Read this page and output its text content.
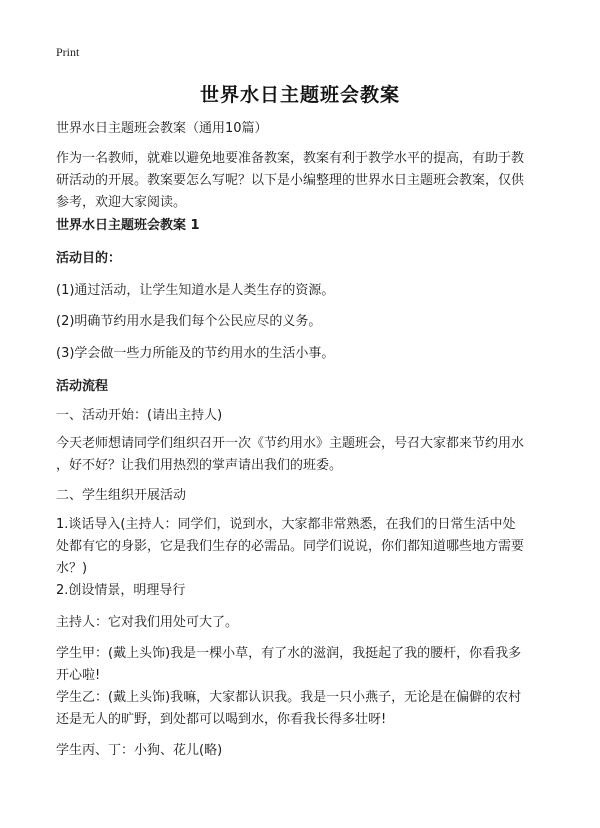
Print
世界水日主题班会教案
世界水日主题班会教案（通用10篇）
作为一名教师，就难以避免地要准备教案，教案有利于教学水平的提高，有助于教
研活动的开展。教案要怎么写呢？以下是小编整理的世界水日主题班会教案，仅供
参考，欢迎大家阅读。
世界水日主题班会教案 1
活动目的：
(1)通过活动，让学生知道水是人类生存的资源。
(2)明确节约用水是我们每个公民应尽的义务。
(3)学会做一些力所能及的节约用水的生活小事。
活动流程
一、活动开始：(请出主持人)
今天老师想请同学们组织召开一次《节约用水》主题班会，号召大家都来节约用水
，好不好？让我们用热烈的掌声请出我们的班委。
二、学生组织开展活动
1.谈话导入(主持人：同学们，说到水，大家都非常熟悉，在我们的日常生活中处
处都有它的身影，它是我们生存的必需品。同学们说说，你们都知道哪些地方需要
水？)
2.创设情景，明理导行
主持人：它对我们用处可大了。
学生甲：(戴上头饰)我是一棵小草，有了水的滋润，我挺起了我的腰杆，你看我多
开心啦!
学生乙：(戴上头饰)我嘛，大家都认识我。我是一只小燕子，无论是在偏僻的农村
还是无人的旷野，到处都可以喝到水，你看我长得多壮呀!
学生丙、丁：小狗、花儿(略)
